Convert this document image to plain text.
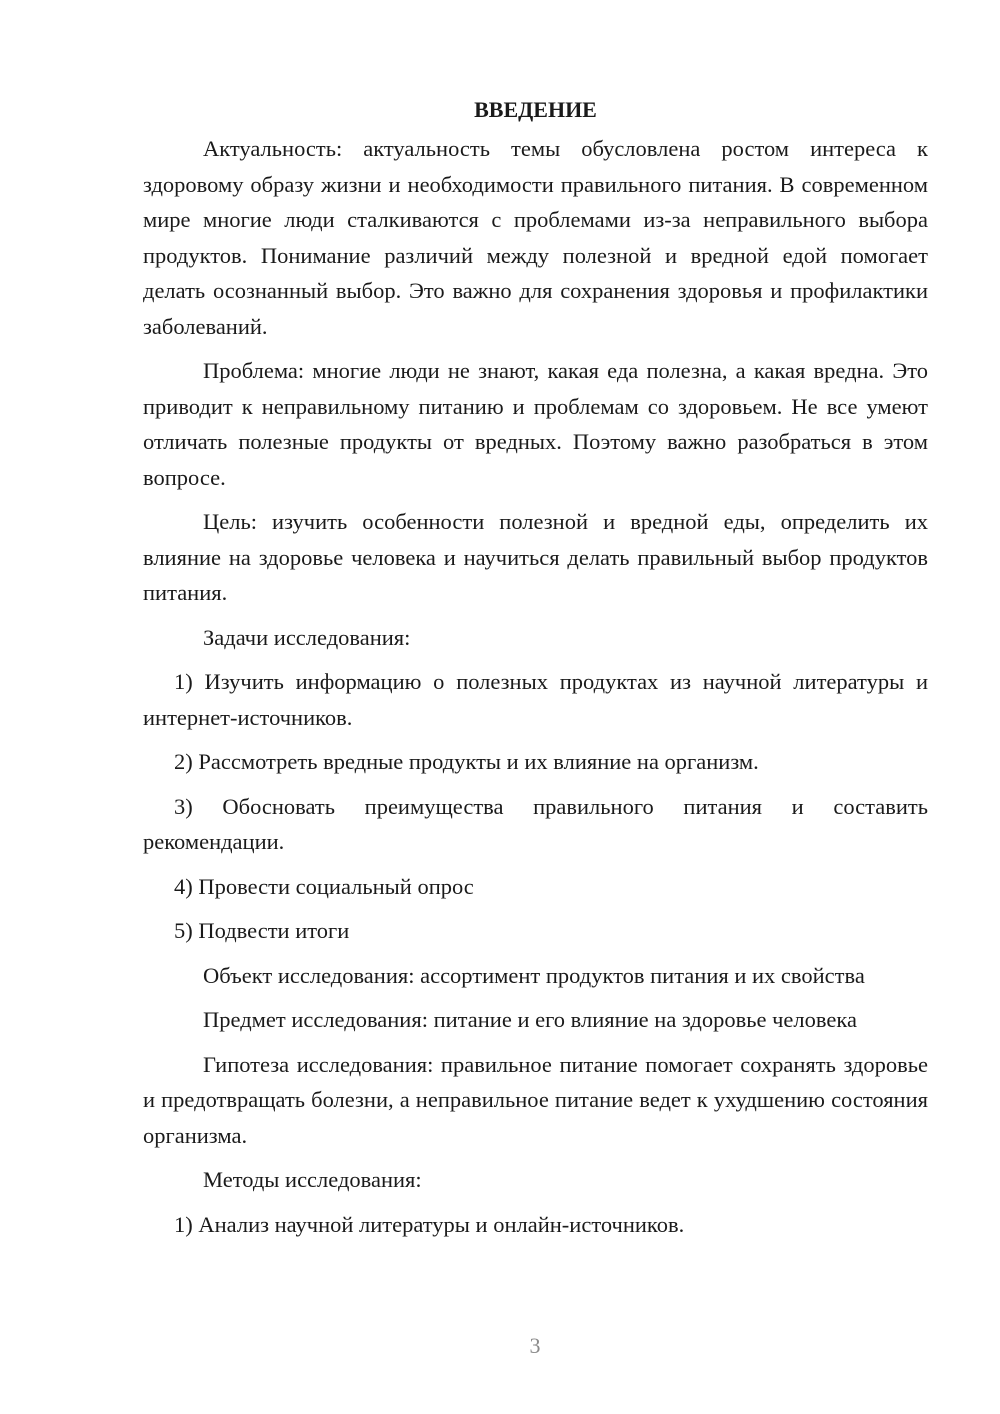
ВВЕДЕНИЕ

Актуальность: актуальность темы обусловлена ростом интереса к здоровому образу жизни и необходимости правильного питания. В современном мире многие люди сталкиваются с проблемами из-за неправильного выбора продуктов. Понимание различий между полезной и вредной едой помогает делать осознанный выбор. Это важно для сохранения здоровья и профилактики заболеваний.

Проблема: многие люди не знают, какая еда полезна, а какая вредна. Это приводит к неправильному питанию и проблемам со здоровьем. Не все умеют отличать полезные продукты от вредных. Поэтому важно разобраться в этом вопросе.

Цель: изучить особенности полезной и вредной еды, определить их влияние на здоровье человека и научиться делать правильный выбор продуктов питания.

Задачи исследования:

1) Изучить информацию о полезных продуктах из научной литературы и интернет-источников.

2) Рассмотреть вредные продукты и их влияние на организм.

3) Обосновать преимущества правильного питания и составить рекомендации.

4) Провести социальный опрос

5) Подвести итоги

Объект исследования: ассортимент продуктов питания и их свойства

Предмет исследования: питание и его влияние на здоровье человека

Гипотеза исследования: правильное питание помогает сохранять здоровье и предотвращать болезни, а неправильное питание ведет к ухудшению состояния организма.

Методы исследования:

1) Анализ научной литературы и онлайн-источников.

3
